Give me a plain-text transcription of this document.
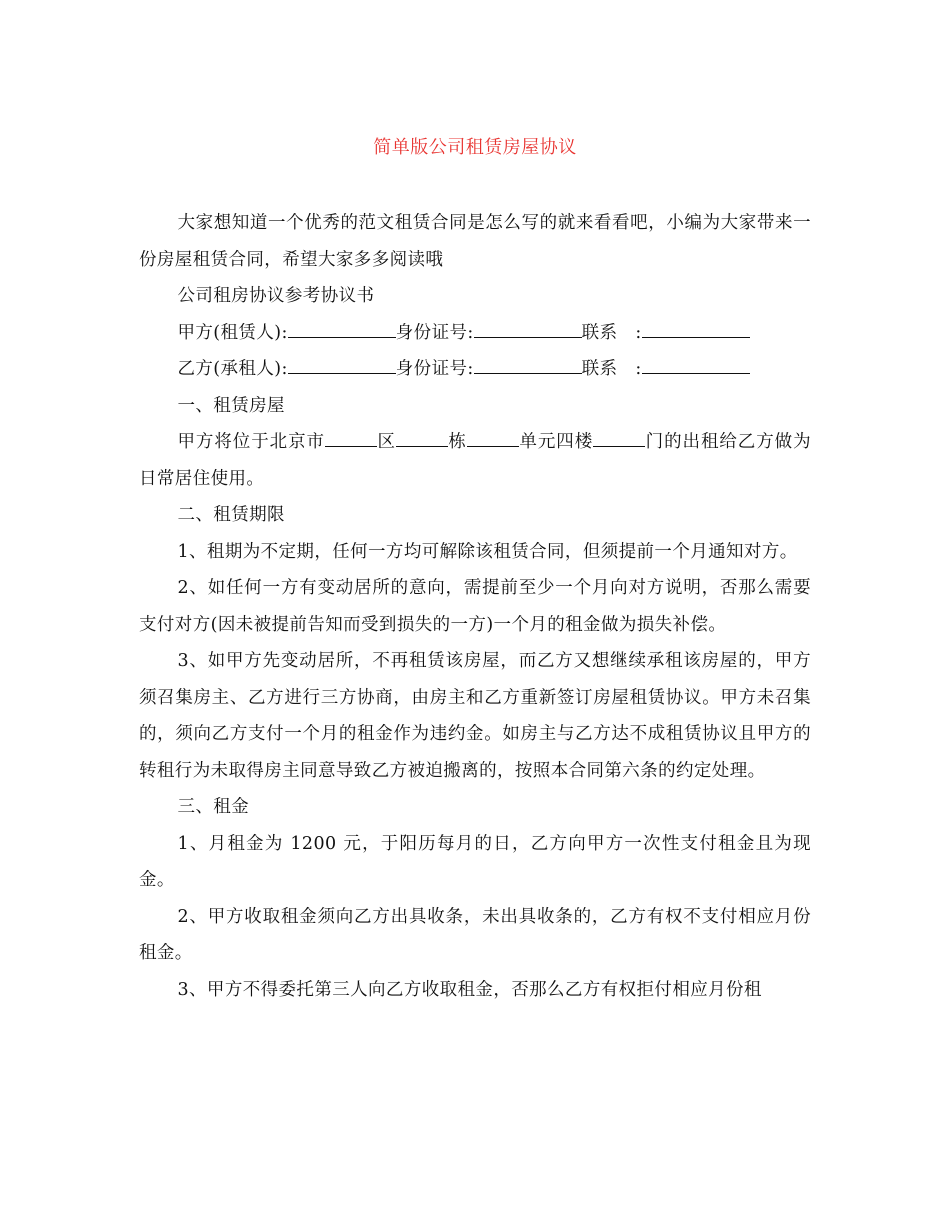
简单版公司租赁房屋协议

大家想知道一个优秀的范文租赁合同是怎么写的就来看看吧，小编为大家带来一份房屋租赁合同，希望大家多多阅读哦

公司租房协议参考协议书

甲方(租赁人):	身份证号:	联系　:

乙方(承租人):	身份证号:	联系　:

一、租赁房屋

甲方将位于北京市	区	栋	单元四楼	门的出租给乙方做为日常居住使用。

二、租赁期限

1、租期为不定期，任何一方均可解除该租赁合同，但须提前一个月通知对方。

2、如任何一方有变动居所的意向，需提前至少一个月向对方说明，否那么需要支付对方(因未被提前告知而受到损失的一方)一个月的租金做为损失补偿。

3、如甲方先变动居所，不再租赁该房屋，而乙方又想继续承租该房屋的，甲方须召集房主、乙方进行三方协商，由房主和乙方重新签订房屋租赁协议。甲方未召集的，须向乙方支付一个月的租金作为违约金。如房主与乙方达不成租赁协议且甲方的转租行为未取得房主同意导致乙方被迫搬离的，按照本合同第六条的约定处理。

三、租金

1、月租金为 1200 元，于阳历每月的日，乙方向甲方一次性支付租金且为现金。

2、甲方收取租金须向乙方出具收条，未出具收条的，乙方有权不支付相应月份租金。

3、甲方不得委托第三人向乙方收取租金，否那么乙方有权拒付相应月份租
